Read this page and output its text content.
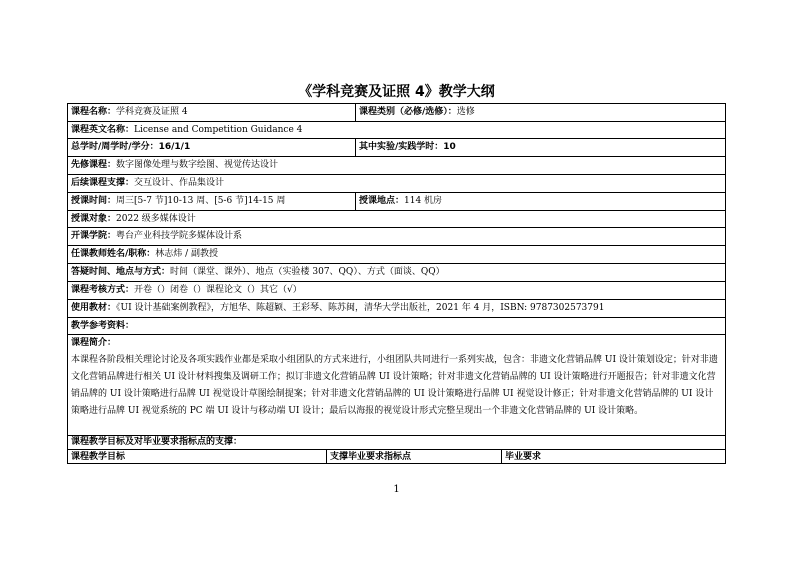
《学科竞赛及证照 4》教学大纲
课程名称：学科竞赛及证照 4	课程类别（必修/选修）：选修
课程英文名称：License and Competition Guidance 4
总学时/周学时/学分：16/1/1	其中实验/实践学时：10
先修课程：数字图像处理与数字绘图、视觉传达设计
后续课程支撑：交互设计、作品集设计
授课时间：周三[5-7 节]10-13 周、[5-6 节]14-15 周	授课地点：114 机房
授课对象：2022 级多媒体设计
开课学院：粤台产业科技学院多媒体设计系
任课教师姓名/职称：林志炜 / 副教授
答疑时间、地点与方式：时间（课堂、课外）、地点（实验楼 307、QQ）、方式（面谈、QQ）
课程考核方式：开卷（）闭卷（）课程论文（）其它（√）
使用教材：《UI 设计基础案例教程》，方旭华、陈超颖、王彩琴、陈苏闽，清华大学出版社，2021 年 4 月，ISBN: 9787302573791
教学参考资料：
课程简介：
本课程各阶段相关理论讨论及各项实践作业都是采取小组团队的方式来进行，小组团队共同进行一系列实战，包含：非遗文化营销品牌 UI 设计策划设定；针对非遗文化营销品牌进行相关 UI 设计材料搜集及调研工作；拟订非遗文化营销品牌 UI 设计策略；针对非遗文化营销品牌的 UI 设计策略进行开题报告；针对非遗文化营销品牌的 UI 设计策略进行品牌 UI 视觉设计草图绘制提案；针对非遗文化营销品牌的 UI 设计策略进行品牌 UI 视觉设计修正；针对非遗文化营销品牌的 UI 设计策略进行品牌 UI 视觉系统的 PC 端 UI 设计与移动端 UI 设计；最后以海报的视觉设计形式完整呈现出一个非遗文化营销品牌的 UI 设计策略。
课程教学目标及对毕业要求指标点的支撑：
课程教学目标	支撑毕业要求指标点	毕业要求
1
